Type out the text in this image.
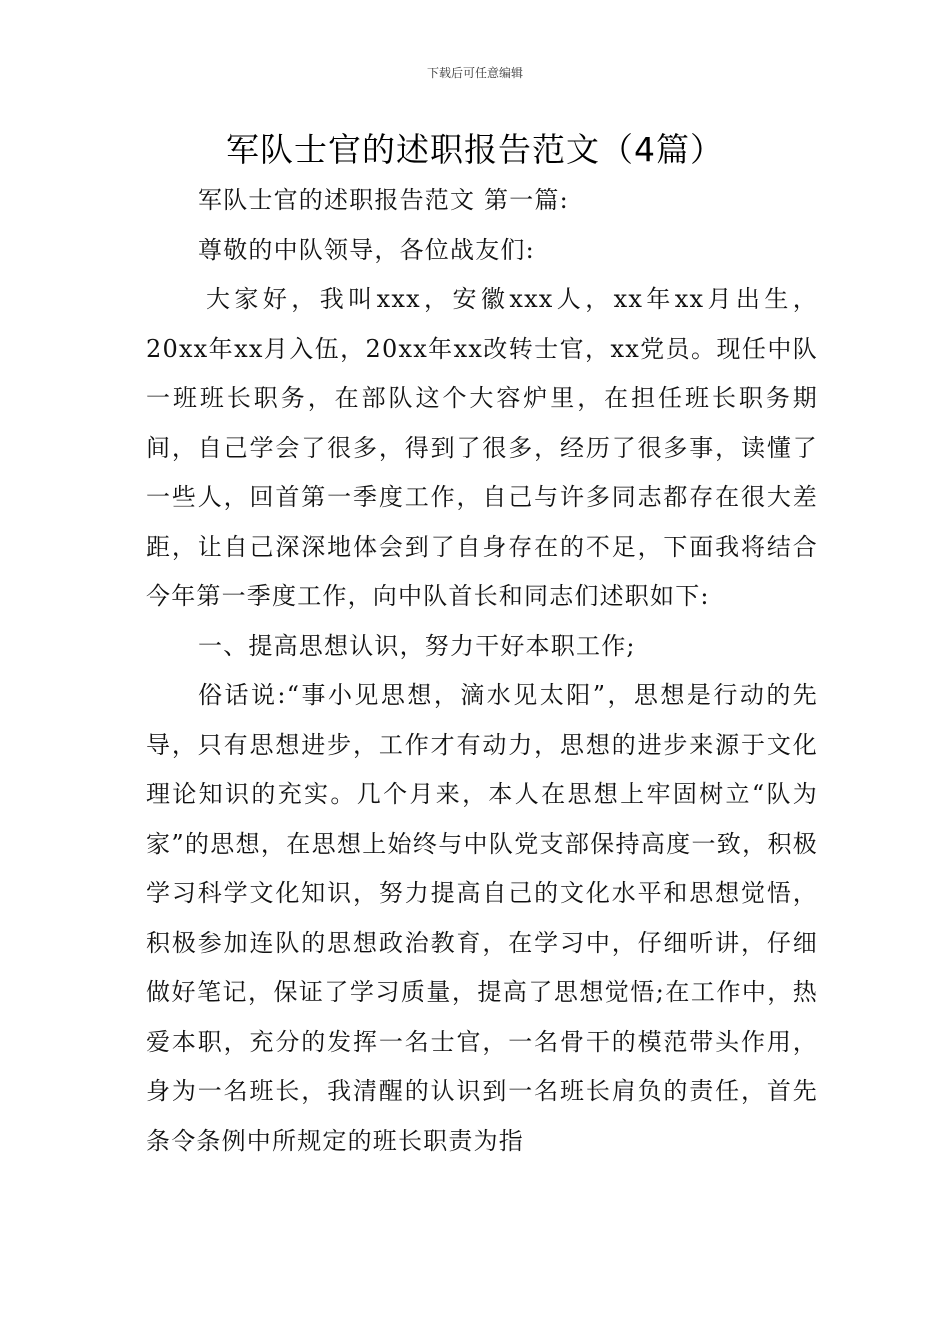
下载后可任意编辑
军队士官的述职报告范文（4篇）

军队士官的述职报告范文 第一篇:

尊敬的中队领导，各位战友们:

大家好，我叫xxx，安徽xxx人，xx年xx月出生，20xx年xx月入伍，20xx年xx改转士官，xx党员。现任中队一班班长职务，在部队这个大容炉里，在担任班长职务期间，自己学会了很多，得到了很多，经历了很多事，读懂了一些人，回首第一季度工作，自己与许多同志都存在很大差距，让自己深深地体会到了自身存在的不足，下面我将结合今年第一季度工作，向中队首长和同志们述职如下:

一、提高思想认识，努力干好本职工作;

俗话说:“事小见思想，滴水见太阳”，思想是行动的先导，只有思想进步，工作才有动力，思想的进步来源于文化理论知识的充实。几个月来，本人在思想上牢固树立“队为家”的思想，在思想上始终与中队党支部保持高度一致，积极学习科学文化知识，努力提高自己的文化水平和思想觉悟，积极参加连队的思想政治教育，在学习中，仔细听讲，仔细做好笔记，保证了学习质量，提高了思想觉悟;在工作中，热爱本职，充分的发挥一名士官，一名骨干的模范带头作用，身为一名班长，我清醒的认识到一名班长肩负的责任，首先条令条例中所规定的班长职责为指
